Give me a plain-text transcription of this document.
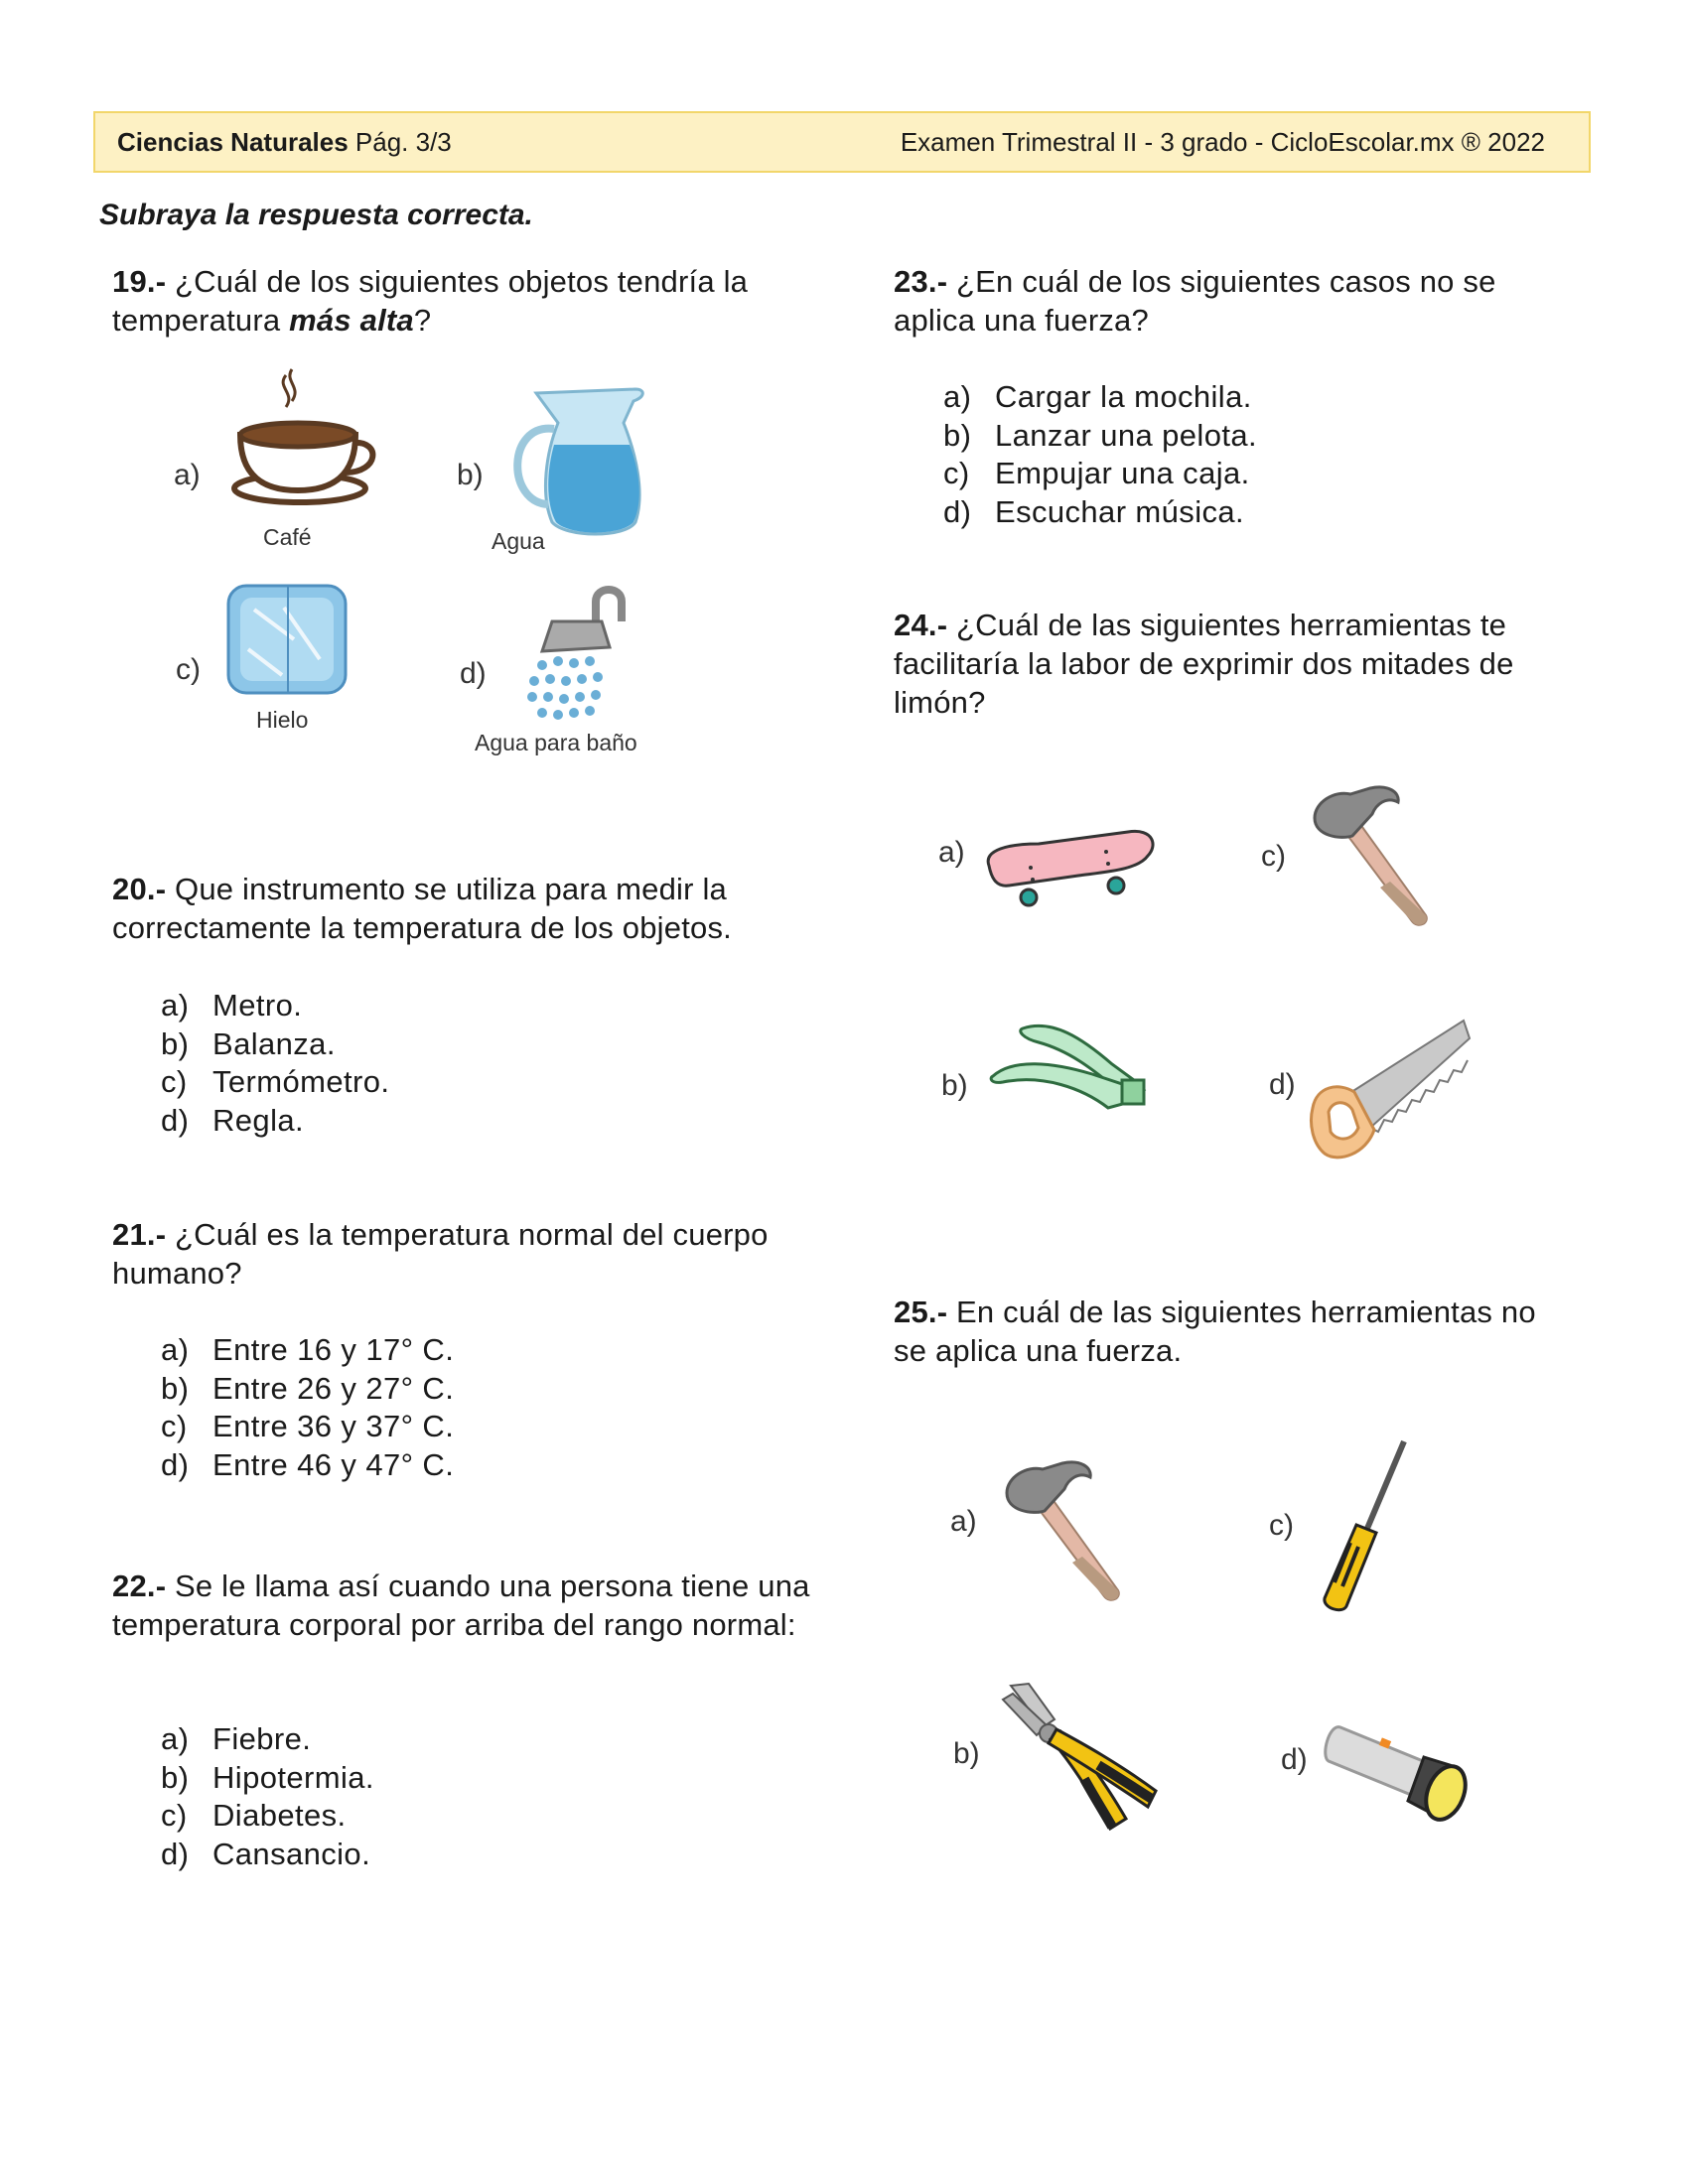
Ciencias Naturales Pág. 3/3	Examen Trimestral II - 3 grado - CicloEscolar.mx ® 2022
Subraya la respuesta correcta.
19.- ¿Cuál de los siguientes objetos tendría la temperatura más alta?
a)
Café
b)
Agua
c)
Hielo
d)
Agua para baño
20.- Que instrumento se utiliza para medir la correctamente la temperatura de los objetos.
a) Metro.
b) Balanza.
c) Termómetro.
d) Regla.
21.- ¿Cuál es la temperatura normal del cuerpo humano?
a) Entre 16 y 17° C.
b) Entre 26 y 27° C.
c) Entre 36 y 37° C.
d) Entre 46 y 47° C.
22.- Se le llama así cuando una persona tiene una temperatura corporal por arriba del rango normal:
a) Fiebre.
b) Hipotermia.
c) Diabetes.
d) Cansancio.
23.- ¿En cuál de los siguientes casos no se aplica una fuerza?
a) Cargar la mochila.
b) Lanzar una pelota.
c) Empujar una caja.
d) Escuchar música.
24.- ¿Cuál de las siguientes herramientas te facilitaría la labor de exprimir dos mitades de limón?
a)
b)
c)
d)
25.- En cuál de las siguientes herramientas no se aplica una fuerza.
a)
b)
c)
d)
